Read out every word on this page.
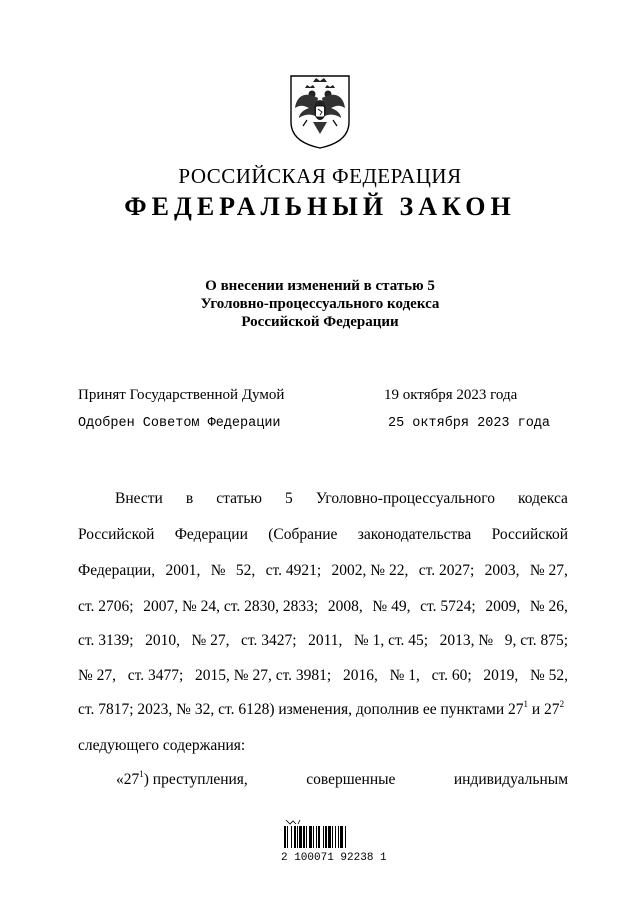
РОССИЙСКАЯ ФЕДЕРАЦИЯ
ФЕДЕРАЛЬНЫЙ ЗАКОН
О внесении изменений в статью 5
Уголовно-процессуального кодекса
Российской Федерации
Принят Государственной Думой	19 октября 2023 года
Одобрен Советом Федерации	25 октября 2023 года
Внести в статью 5 Уголовно-процессуального кодекса
Российской Федерации (Собрание законодательства Российской
Федерации, 2001, № 52, ст. 4921; 2002, № 22, ст. 2027; 2003, № 27,
ст. 2706; 2007, № 24, ст. 2830, 2833; 2008, № 49, ст. 5724; 2009, № 26,
ст. 3139; 2010, № 27, ст. 3427; 2011, № 1, ст. 45; 2013, № 9, ст. 875;
№ 27, ст. 3477; 2015, № 27, ст. 3981; 2016, № 1, ст. 60; 2019, № 52,
ст. 7817; 2023, № 32, ст. 6128) изменения, дополнив ее пунктами $27^1$ и $27^2$
следующего содержания:
«$27^1$) преступления,	совершенные	индивидуальным
2 100071 92238 1
